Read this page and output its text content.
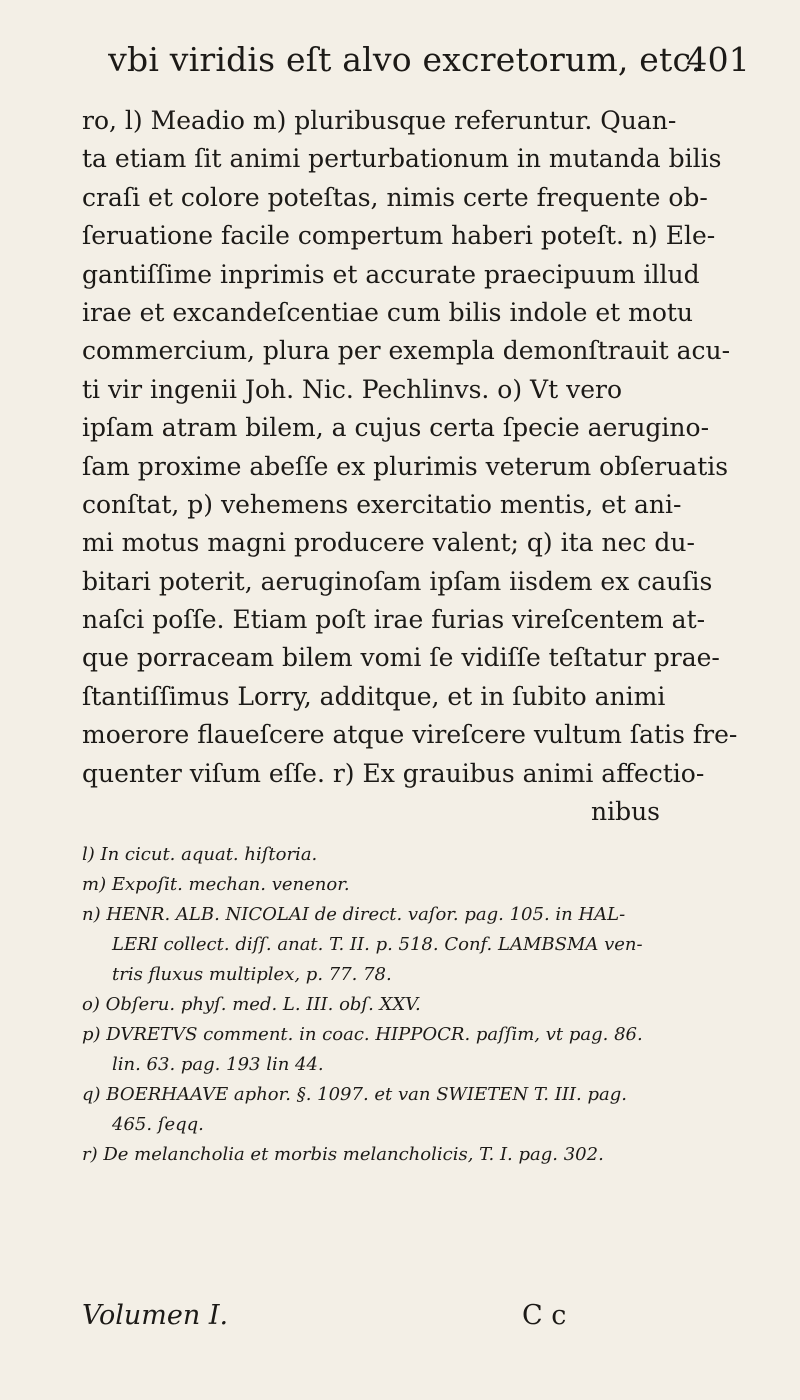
vbi viridis eſt alvo excretorum, etc.
401
ro, l) Meadio m) pluribusque referuntur. Quan-
ta etiam ſit animi perturbationum in mutanda bilis
craſi et colore poteſtas, nimis certe frequente ob-
ſeruatione facile compertum haberi poteſt. n) Ele-
gantiſſime inprimis et accurate praecipuum illud
irae et excandeſcentiae cum bilis indole et motu
commercium, plura per exempla demonſtrauit acu-
ti vir ingenii Joh. Nic. Pechlinvs. o) Vt vero
ipſam atram bilem, a cujus certa ſpecie aerugino-
ſam proxime abeſſe ex plurimis veterum obſeruatis
conſtat, p) vehemens exercitatio mentis, et ani-
mi motus magni producere valent; q) ita nec du-
bitari poterit, aeruginoſam ipſam iisdem ex cauſis
naſci poſſe. Etiam poſt irae furias vireſcentem at-
que porraceam bilem vomi ſe vidiſſe teſtatur prae-
ſtantiſſimus Lorry, additque, et in ſubito animi
moerore flaueſcere atque vireſcere vultum ſatis fre-
quenter viſum eſſe. r) Ex grauibus animi affectio-
nibus
l) In cicut. aquat. hiſtoria.
m) Expoſit. mechan. venenor.
n) HENR. ALB. NICOLAI de direct. vaſor. pag. 105. in HAL-
LERI collect. diſſ. anat. T. II. p. 518. Conf. LAMBSMA ven-
tris fluxus multiplex, p. 77. 78.
o) Obſeru. phyſ. med. L. III. obſ. XXV.
p) DVRETVS comment. in coac. HIPPOCR. paſſim, vt pag. 86.
lin. 63. pag. 193 lin 44.
q) BOERHAAVE aphor. §. 1097. et van SWIETEN T. III. pag.
465. ſeqq.
r) De melancholia et morbis melancholicis, T. I. pag. 302.
Volumen I.	C c
